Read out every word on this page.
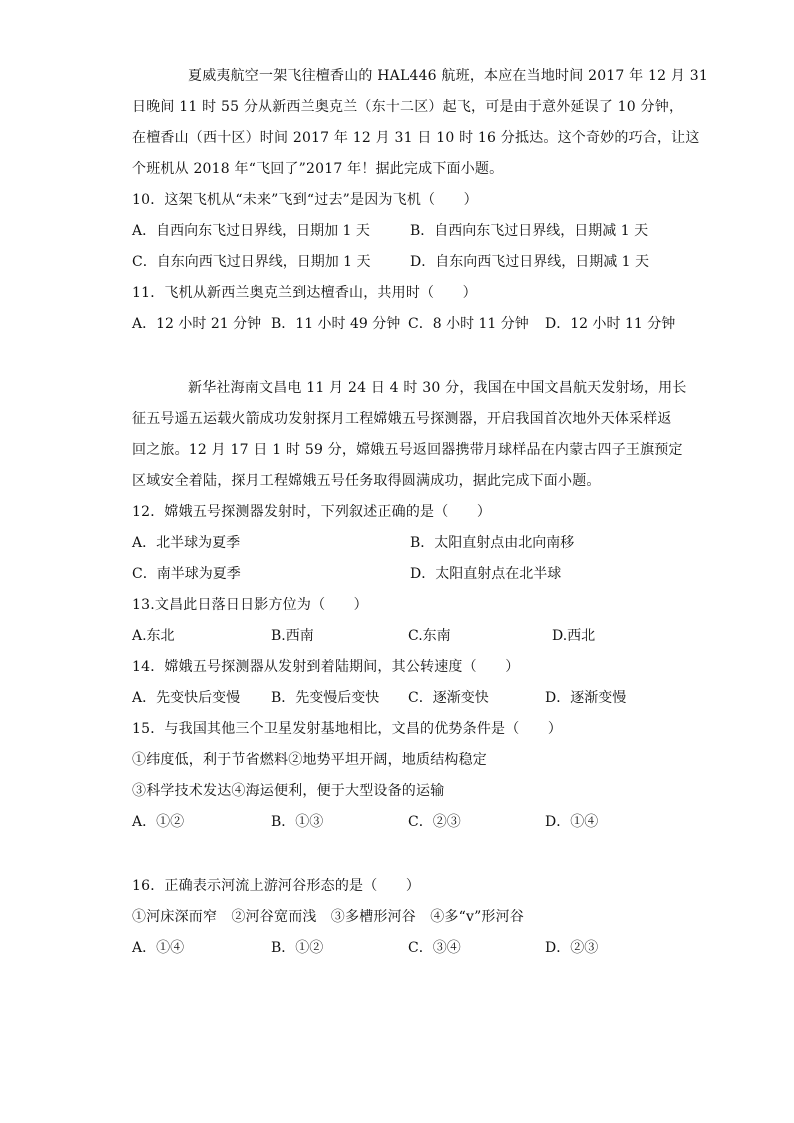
夏威夷航空一架飞往檀香山的 HAL446 航班，本应在当地时间 2017 年 12 月 31
日晚间 11 时 55 分从新西兰奥克兰（东十二区）起飞，可是由于意外延误了 10 分钟，
在檀香山（西十区）时间 2017 年 12 月 31 日 10 时 16 分抵达。这个奇妙的巧合，让这
个班机从 2018 年“飞回了”2017 年！据此完成下面小题。
10．这架飞机从“未来”飞到“过去”是因为飞机（　　）
A．自西向东飞过日界线，日期加 1 天	B．自西向东飞过日界线，日期减 1 天
C．自东向西飞过日界线，日期加 1 天	D．自东向西飞过日界线，日期减 1 天
11．飞机从新西兰奥克兰到达檀香山，共用时（　　）
A．12 小时 21 分钟 B．11 小时 49 分钟 C．8 小时 11 分钟 D．12 小时 11 分钟
新华社海南文昌电 11 月 24 日 4 时 30 分，我国在中国文昌航天发射场，用长
征五号遥五运载火箭成功发射探月工程嫦娥五号探测器，开启我国首次地外天体采样返
回之旅。12 月 17 日 1 时 59 分，嫦娥五号返回器携带月球样品在内蒙古四子王旗预定
区域安全着陆，探月工程嫦娥五号任务取得圆满成功，据此完成下面小题。
12．嫦娥五号探测器发射时，下列叙述正确的是（　　）
A．北半球为夏季	B．太阳直射点由北向南移
C．南半球为夏季	D．太阳直射点在北半球
13.文昌此日落日日影方位为（　　）
A.东北	B.西南	C.东南	D.西北
14．嫦娥五号探测器从发射到着陆期间，其公转速度（　　）
A．先变快后变慢 B．先变慢后变快 C．逐渐变快	D．逐渐变慢
15．与我国其他三个卫星发射基地相比，文昌的优势条件是（　　）
①纬度低，利于节省燃料②地势平坦开阔，地质结构稳定
③科学技术发达④海运便利，便于大型设备的运输
A．①②	B．①③	C．②③	D．①④
16．正确表示河流上游河谷形态的是（　　）
①河床深而窄　②河谷宽而浅　③多槽形河谷　④多“v”形河谷
A．①④	B．①②	C．③④	D．②③
